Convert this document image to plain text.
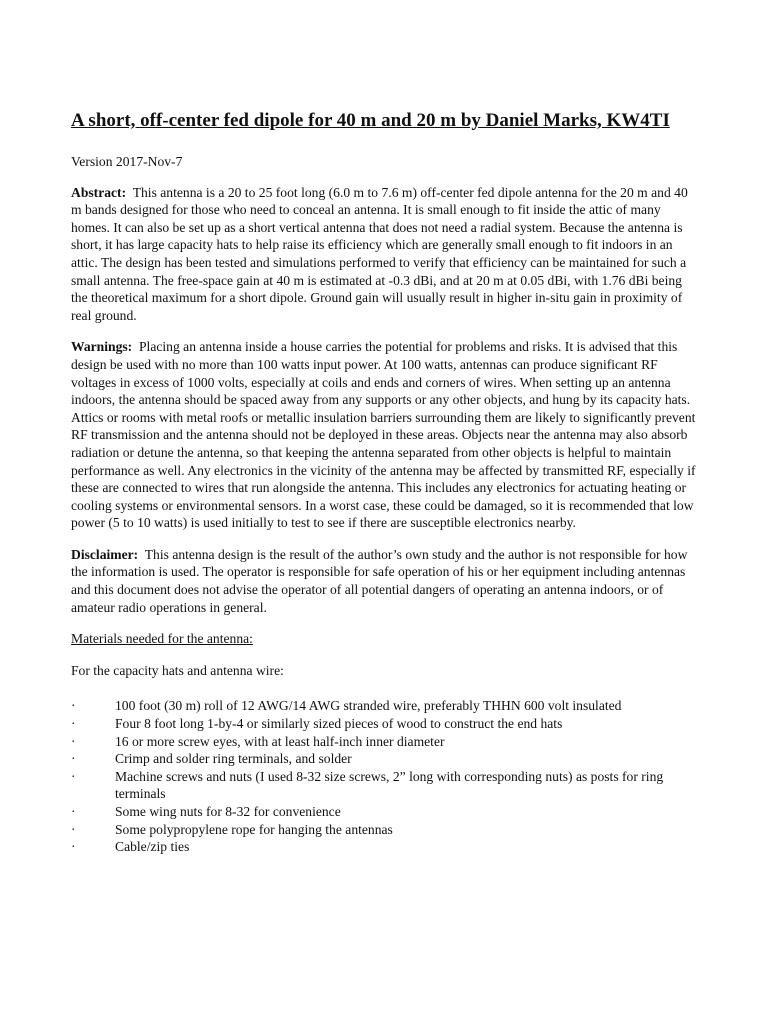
A short, off-center fed dipole for 40 m and 20 m by Daniel Marks, KW4TI

Version 2017-Nov-7

Abstract: This antenna is a 20 to 25 foot long (6.0 m to 7.6 m) off-center fed dipole antenna for the 20 m and 40 m bands designed for those who need to conceal an antenna. It is small enough to fit inside the attic of many homes. It can also be set up as a short vertical antenna that does not need a radial system. Because the antenna is short, it has large capacity hats to help raise its efficiency which are generally small enough to fit indoors in an attic. The design has been tested and simulations performed to verify that efficiency can be maintained for such a small antenna. The free-space gain at 40 m is estimated at -0.3 dBi, and at 20 m at 0.05 dBi, with 1.76 dBi being the theoretical maximum for a short dipole. Ground gain will usually result in higher in-situ gain in proximity of real ground.

Warnings: Placing an antenna inside a house carries the potential for problems and risks. It is advised that this design be used with no more than 100 watts input power. At 100 watts, antennas can produce significant RF voltages in excess of 1000 volts, especially at coils and ends and corners of wires. When setting up an antenna indoors, the antenna should be spaced away from any supports or any other objects, and hung by its capacity hats. Attics or rooms with metal roofs or metallic insulation barriers surrounding them are likely to significantly prevent RF transmission and the antenna should not be deployed in these areas. Objects near the antenna may also absorb radiation or detune the antenna, so that keeping the antenna separated from other objects is helpful to maintain performance as well. Any electronics in the vicinity of the antenna may be affected by transmitted RF, especially if these are connected to wires that run alongside the antenna. This includes any electronics for actuating heating or cooling systems or environmental sensors. In a worst case, these could be damaged, so it is recommended that low power (5 to 10 watts) is used initially to test to see if there are susceptible electronics nearby.

Disclaimer: This antenna design is the result of the author’s own study and the author is not responsible for how the information is used. The operator is responsible for safe operation of his or her equipment including antennas and this document does not advise the operator of all potential dangers of operating an antenna indoors, or of amateur radio operations in general.

Materials needed for the antenna:

For the capacity hats and antenna wire:

·	100 foot (30 m) roll of 12 AWG/14 AWG stranded wire, preferably THHN 600 volt insulated
·	Four 8 foot long 1-by-4 or similarly sized pieces of wood to construct the end hats
·	16 or more screw eyes, with at least half-inch inner diameter
·	Crimp and solder ring terminals, and solder
·	Machine screws and nuts (I used 8-32 size screws, 2” long with corresponding nuts) as posts for ring terminals
·	Some wing nuts for 8-32 for convenience
·	Some polypropylene rope for hanging the antennas
·	Cable/zip ties
